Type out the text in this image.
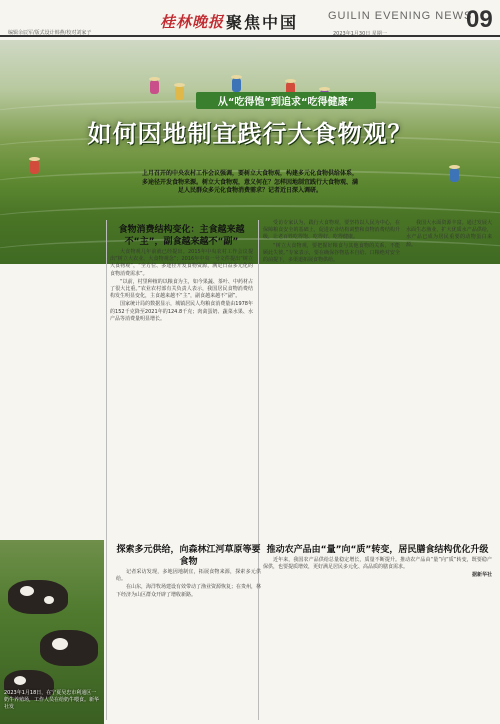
桂林晚报 聚焦中国	GUILIN EVENING NEWS
09
编辑余辰军/版式设计韩燕/校对刘家子	2023年1月30日 星期一
从“吃得饱”到追求“吃得健康”
如何因地制宜践行大食物观？
上月召开的中央农村工作会议强调，要树立大食物观，构建多元化食物供给体系，多途径开发食物来源。树立大食物观，意义何在？怎样因地制宜践行大食物观、满足人民群众多元化食物消费需求？记者近日深入调研。

食物消费结构变化：主食越来越不“主”，副食越来越不“副”

大食物观几年前就已经提出。2015年中央农村工作会议提出“树立大农业、大食物观念”；2016年中央一号文件提出“树立大食物观”，“全方位、多途径开发食物资源，满足日益多元化的食物消费需求”。

“以前，村里种植的以粮食为主，如今果蔬、茶叶、中药材占了很大比重。”农业农村部有关负责人表示，我国居民食物消费结构发生明显变化，主食越来越不“主”，副食越来越不“副”。

国家统计局的数据显示，城镇居民人均粮食消费量由1978年的152千克降至2021年的124.8千克；肉禽蛋奶、蔬菜水果、水产品等消费量明显增长。

受访专家认为，践行大食物观，要坚持以人民为中心，在保障粮食安全的基础上，促进农业结构调整和食物消费结构升级，让老百姓吃得饱、吃得好、吃得健康。

“树立大食物观，要把握好粮食与其他食物的关系，不能顾此失彼。”专家表示，要在确保谷物基本自给、口粮绝对安全的前提下，多渠道拓展食物供给。

我国大水面资源丰富。通过发展大水面生态渔业，扩大优质水产品供给，水产品已成为居民重要的动物蛋白来源。

2023年1月18日，在宁夏吴忠市利通区一奶牛养殖场，工作人员在给奶牛喂食。新华社发

探索多元供给，向森林江河草原等要食物

记者采访发现，多地因地制宜，拓展食物来源，探索多元供给。

在山东，海洋牧场建设有效带动了渔业资源恢复；在贵州，林下经济为山区群众开辟了增收新路。

推动农产品由“量”向“质”转变，居民膳食结构优化升级

近年来，我国农产品供给总量稳定增长，质量不断提升。推动农产品由“量”向“质”转变，既要稳产保供，也要提质增效，更好满足居民多元化、高品质的膳食需求。

据新华社
